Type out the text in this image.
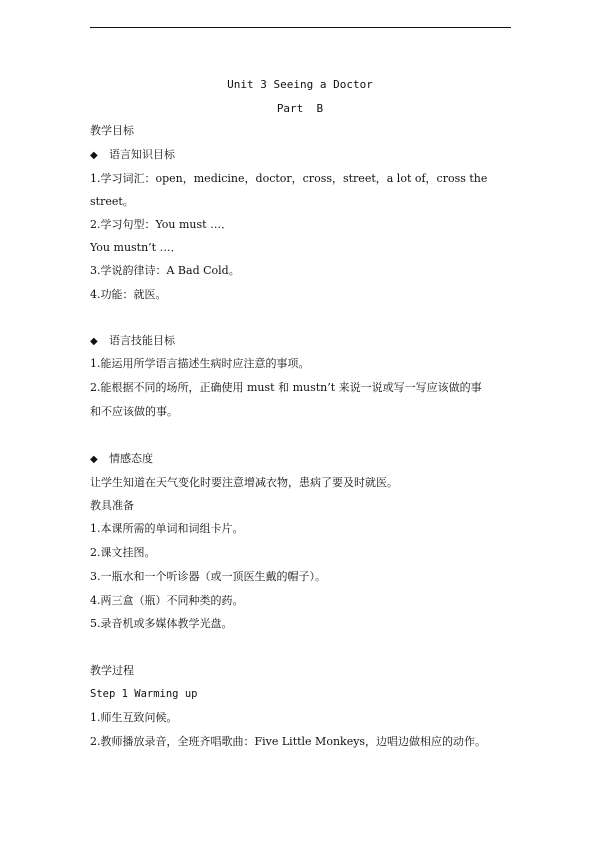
Unit 3 Seeing a Doctor
Part  B
教学目标
◆ 语言知识目标
1.学习词汇：open，medicine，doctor，cross，street，a lot of，cross the
street。
2.学习句型：You must …．
You mustn’t …．
3.学说韵律诗：A Bad Cold。
4.功能：就医。
◆ 语言技能目标
1.能运用所学语言描述生病时应注意的事项。
2.能根据不同的场所，正确使用 must 和 mustn’t 来说一说或写一写应该做的事
和不应该做的事。
◆ 情感态度
让学生知道在天气变化时要注意增减衣物，患病了要及时就医。
教具准备
1.本课所需的单词和词组卡片。
2.课文挂图。
3.一瓶水和一个听诊器（或一顶医生戴的帽子）。
4.两三盒（瓶）不同种类的药。
5.录音机或多媒体教学光盘。
教学过程
Step 1 Warming up
1.师生互致问候。
2.教师播放录音，全班齐唱歌曲：Five Little Monkeys，边唱边做相应的动作。
